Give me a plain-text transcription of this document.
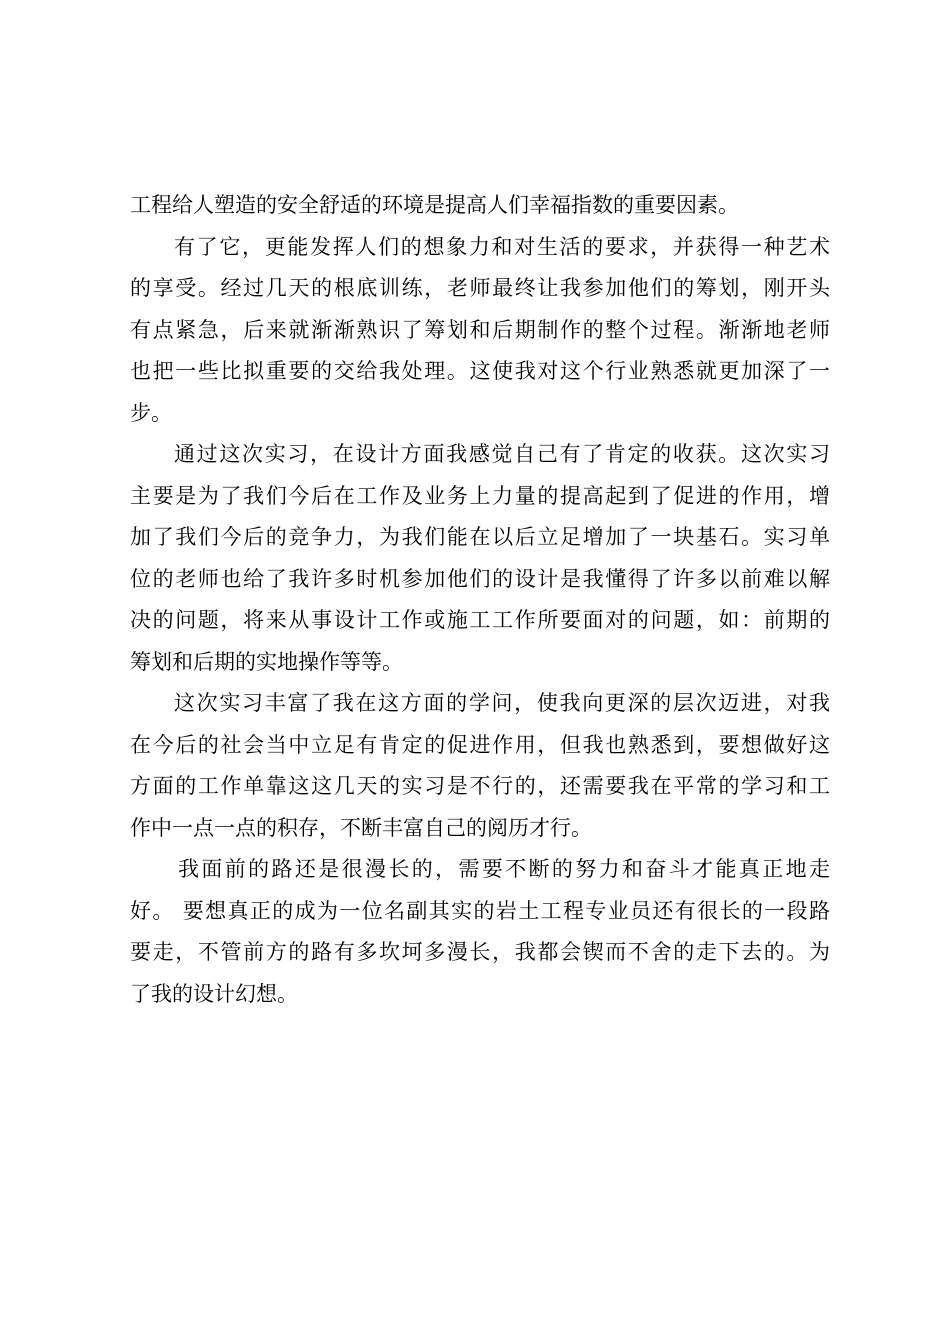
工程给人塑造的安全舒适的环境是提高人们幸福指数的重要因素。
有了它，更能发挥人们的想象力和对生活的要求，并获得一种艺术
的享受。经过几天的根底训练，老师最终让我参加他们的筹划，刚开头
有点紧急，后来就渐渐熟识了筹划和后期制作的整个过程。渐渐地老师
也把一些比拟重要的交给我处理。这使我对这个行业熟悉就更加深了一
步。
通过这次实习，在设计方面我感觉自己有了肯定的收获。这次实习
主要是为了我们今后在工作及业务上力量的提高起到了促进的作用，增
加了我们今后的竞争力，为我们能在以后立足增加了一块基石。实习单
位的老师也给了我许多时机参加他们的设计是我懂得了许多以前难以解
决的问题，将来从事设计工作或施工工作所要面对的问题，如：前期的
筹划和后期的实地操作等等。
这次实习丰富了我在这方面的学问，使我向更深的层次迈进，对我
在今后的社会当中立足有肯定的促进作用，但我也熟悉到，要想做好这
方面的工作单靠这这几天的实习是不行的，还需要我在平常的学习和工
作中一点一点的积存，不断丰富自己的阅历才行。
我面前的路还是很漫长的，需要不断的努力和奋斗才能真正地走
好。 要想真正的成为一位名副其实的岩土工程专业员还有很长的一段路
要走，不管前方的路有多坎坷多漫长，我都会锲而不舍的走下去的。为
了我的设计幻想。
